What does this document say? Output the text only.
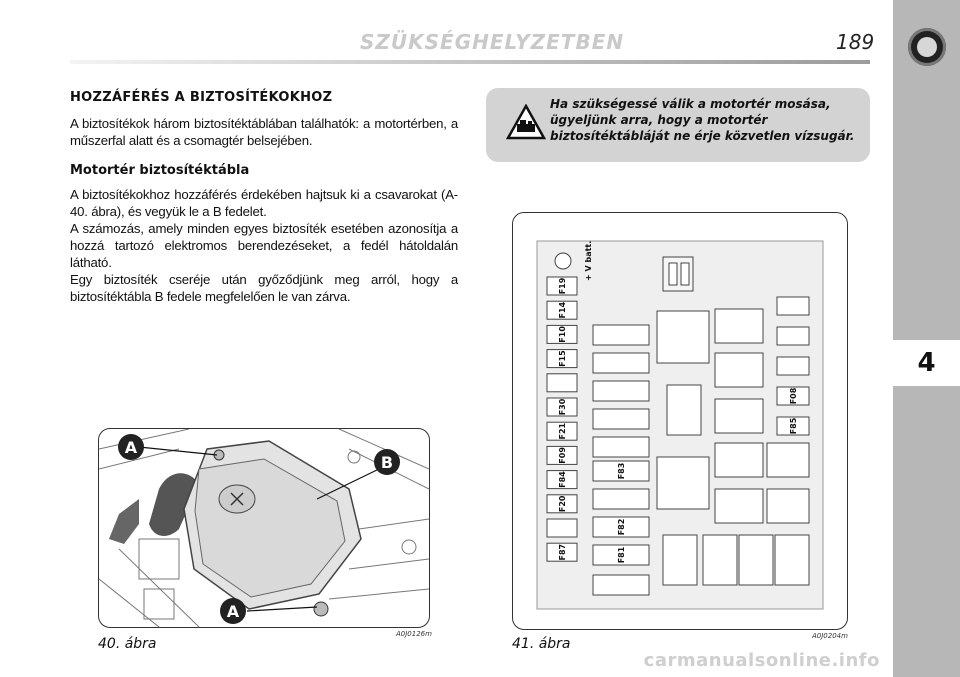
SZÜKSÉGHELYZETBEN	189
4
HOZZÁFÉRÉS A BIZTOSÍTÉKOKHOZ

A biztosítékok három biztosítéktáblában találhatók: a motortérben, a műszerfal alatt és a csomagtér belsejében.

Motortér biztosítéktábla

A biztosítékokhoz hozzáférés érdekében hajtsuk ki a csavarokat (A-40. ábra), és vegyük le a B fedelet.

A számozás, amely minden egyes biztosíték esetében azonosítja a hozzá tartozó elektromos berendezéseket, a fedél hátoldalán látható.

Egy biztosíték cseréje után győződjünk meg arról, hogy a biztosítéktábla B fedele megfelelően le van zárva.

Ha szükségessé válik a motortér mosása, ügyeljünk arra, hogy a motortér biztosítéktábláját ne érje közvetlen vízsugár.
A
B
A
40. ábra
A0J0126m
+ V batt.
F19
F14
F10
F15
F30
F21
F09
F84
F20
F87
F83
F82
F81
F08
F85
41. ábra	A0J0204m
carmanualsonline.info
